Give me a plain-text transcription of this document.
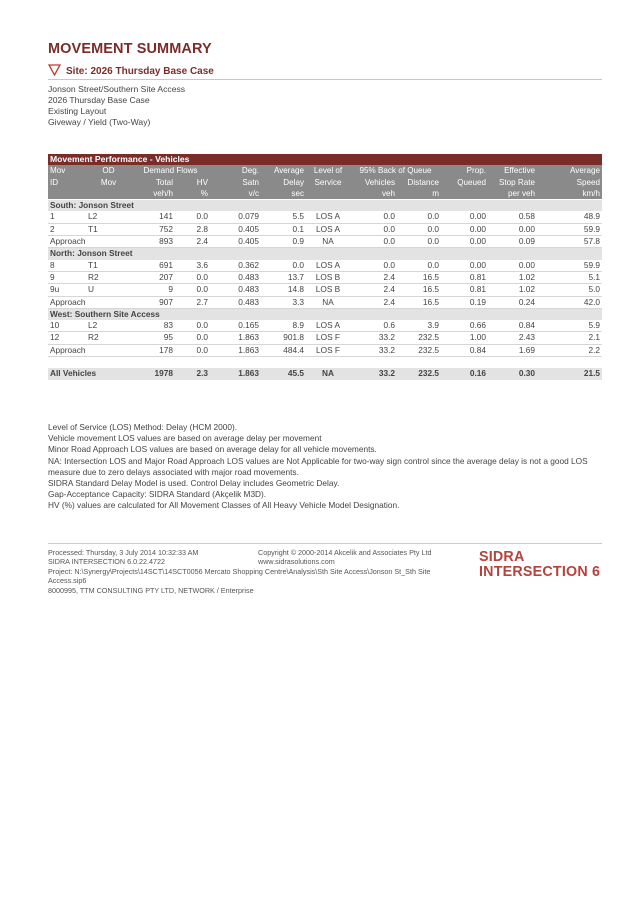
MOVEMENT SUMMARY
Site: 2026 Thursday Base Case
Jonson Street/Southern Site Access
2026 Thursday Base Case
Existing Layout
Giveway / Yield (Two-Way)
Movement Performance - Vehicles											
Mov	OD	Demand Flows		Deg.	Average	Level of	95% Back of Queue		Prop.	Effective	Average
ID	Mov	Total	HV	Satn	Delay	Service	Vehicles	Distance	Queued	Stop Rate	Speed
		veh/h	%	v/c	sec		veh	m		per veh	km/h
South: Jonson Street											
1	L2	141	0.0	0.079	5.5	LOS A	0.0	0.0	0.00	0.58	48.9
2	T1	752	2.8	0.405	0.1	LOS A	0.0	0.0	0.00	0.00	59.9
Approach		893	2.4	0.405	0.9	NA	0.0	0.0	0.00	0.09	57.8
North: Jonson Street											
8	T1	691	3.6	0.362	0.0	LOS A	0.0	0.0	0.00	0.00	59.9
9	R2	207	0.0	0.483	13.7	LOS B	2.4	16.5	0.81	1.02	5.1
9u	U	9	0.0	0.483	14.8	LOS B	2.4	16.5	0.81	1.02	5.0
Approach		907	2.7	0.483	3.3	NA	2.4	16.5	0.19	0.24	42.0
West: Southern Site Access											
10	L2	83	0.0	0.165	8.9	LOS A	0.6	3.9	0.66	0.84	5.9
12	R2	95	0.0	1.863	901.8	LOS F	33.2	232.5	1.00	2.43	2.1
Approach		178	0.0	1.863	484.4	LOS F	33.2	232.5	0.84	1.69	2.2

All Vehicles		1978	2.3	1.863	45.5	NA	33.2	232.5	0.16	0.30	21.5
Level of Service (LOS) Method: Delay (HCM 2000).
Vehicle movement LOS values are based on average delay per movement
Minor Road Approach LOS values are based on average delay for all vehicle movements.
NA: Intersection LOS and Major Road Approach LOS values are Not Applicable for two-way sign control since the average delay is not a good LOS measure due to zero delays associated with major road movements.
SIDRA Standard Delay Model is used. Control Delay includes Geometric Delay.
Gap-Acceptance Capacity: SIDRA Standard (Akçelik M3D).
HV (%) values are calculated for All Movement Classes of All Heavy Vehicle Model Designation.
Processed: Thursday, 3 July 2014 10:32:33 AM
SIDRA INTERSECTION 6.0.22.4722
Copyright © 2000-2014 Akcelik and Associates Pty Ltd
www.sidrasolutions.com
Project: N:\Synergy\Projects\14SCT\14SCT0056 Mercato Shopping Centre\Analysis\Sth Site Access\Jonson St_Sth Site Access.sip6
8000995, TTM CONSULTING PTY LTD, NETWORK / Enterprise
SIDRA
INTERSECTION 6
